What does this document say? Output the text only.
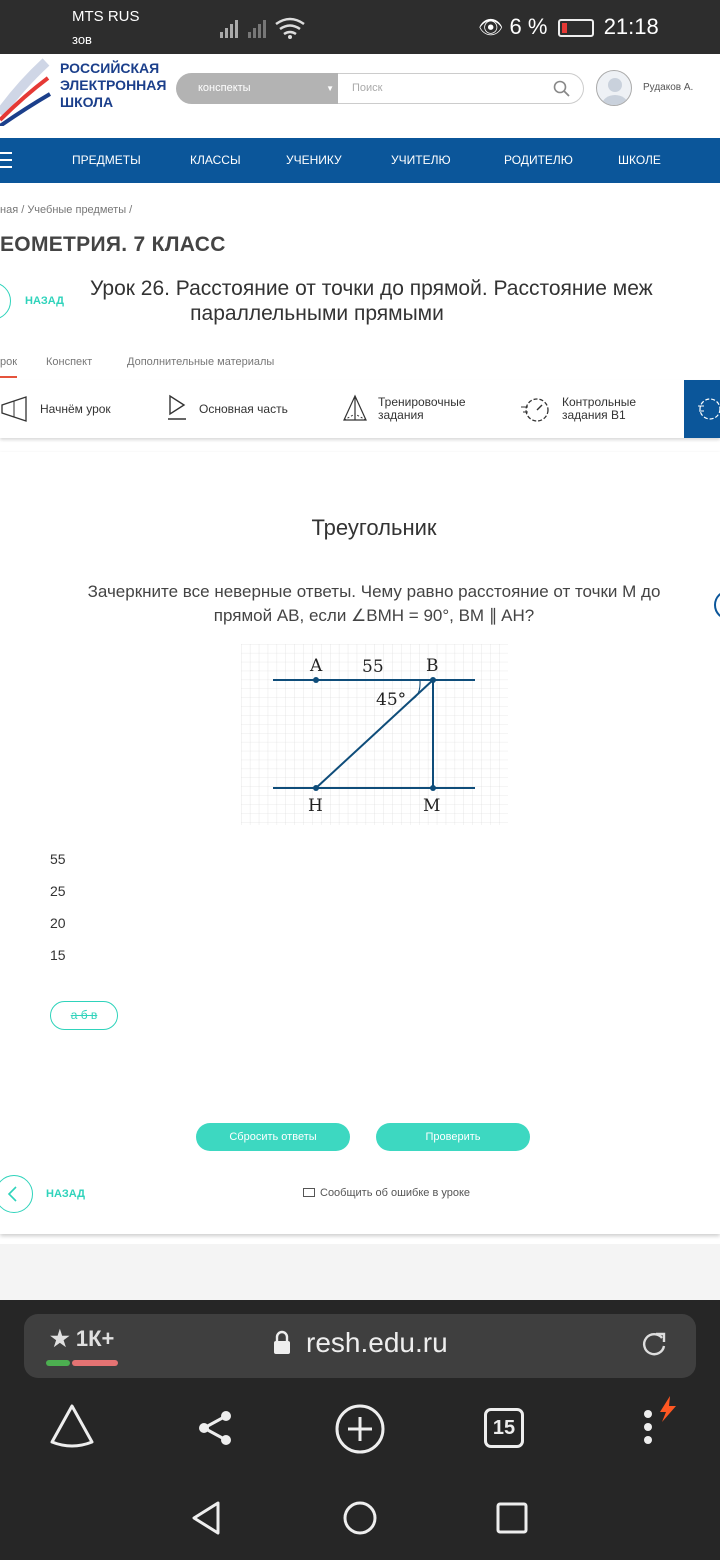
MTS RUS
зов
👁 6 %	21:18
РОССИЙСКАЯ
ЭЛЕКТРОННАЯ
ШКОЛА
конспекты	▼	Поиск	Рудаков А.
ПРЕДМЕТЫ	КЛАССЫ	УЧЕНИКУ	УЧИТЕЛЮ	РОДИТЕЛЮ	ШКОЛЕ
ная / Учебные предметы /
ЕОМЕТРИЯ. 7 КЛАСС
НАЗАД
Урок 26. Расстояние от точки до прямой. Расстояние меж
параллельными прямыми
рок	Конспект	Дополнительные материалы
Начнём урок	Основная часть	Тренировочные
задания
Контрольные
задания В1
Треугольник
Зачеркните все неверные ответы. Чему равно расстояние от точки M до
прямой AB, если ∠BMH = 90°, BM ∥ AH?
A 55 B
45°
H	M
55
25
20
15
а б в
Сбросить ответы	Проверить
НАЗАД	Сообщить об ошибке в уроке
★ 1К+	resh.edu.ru
15
